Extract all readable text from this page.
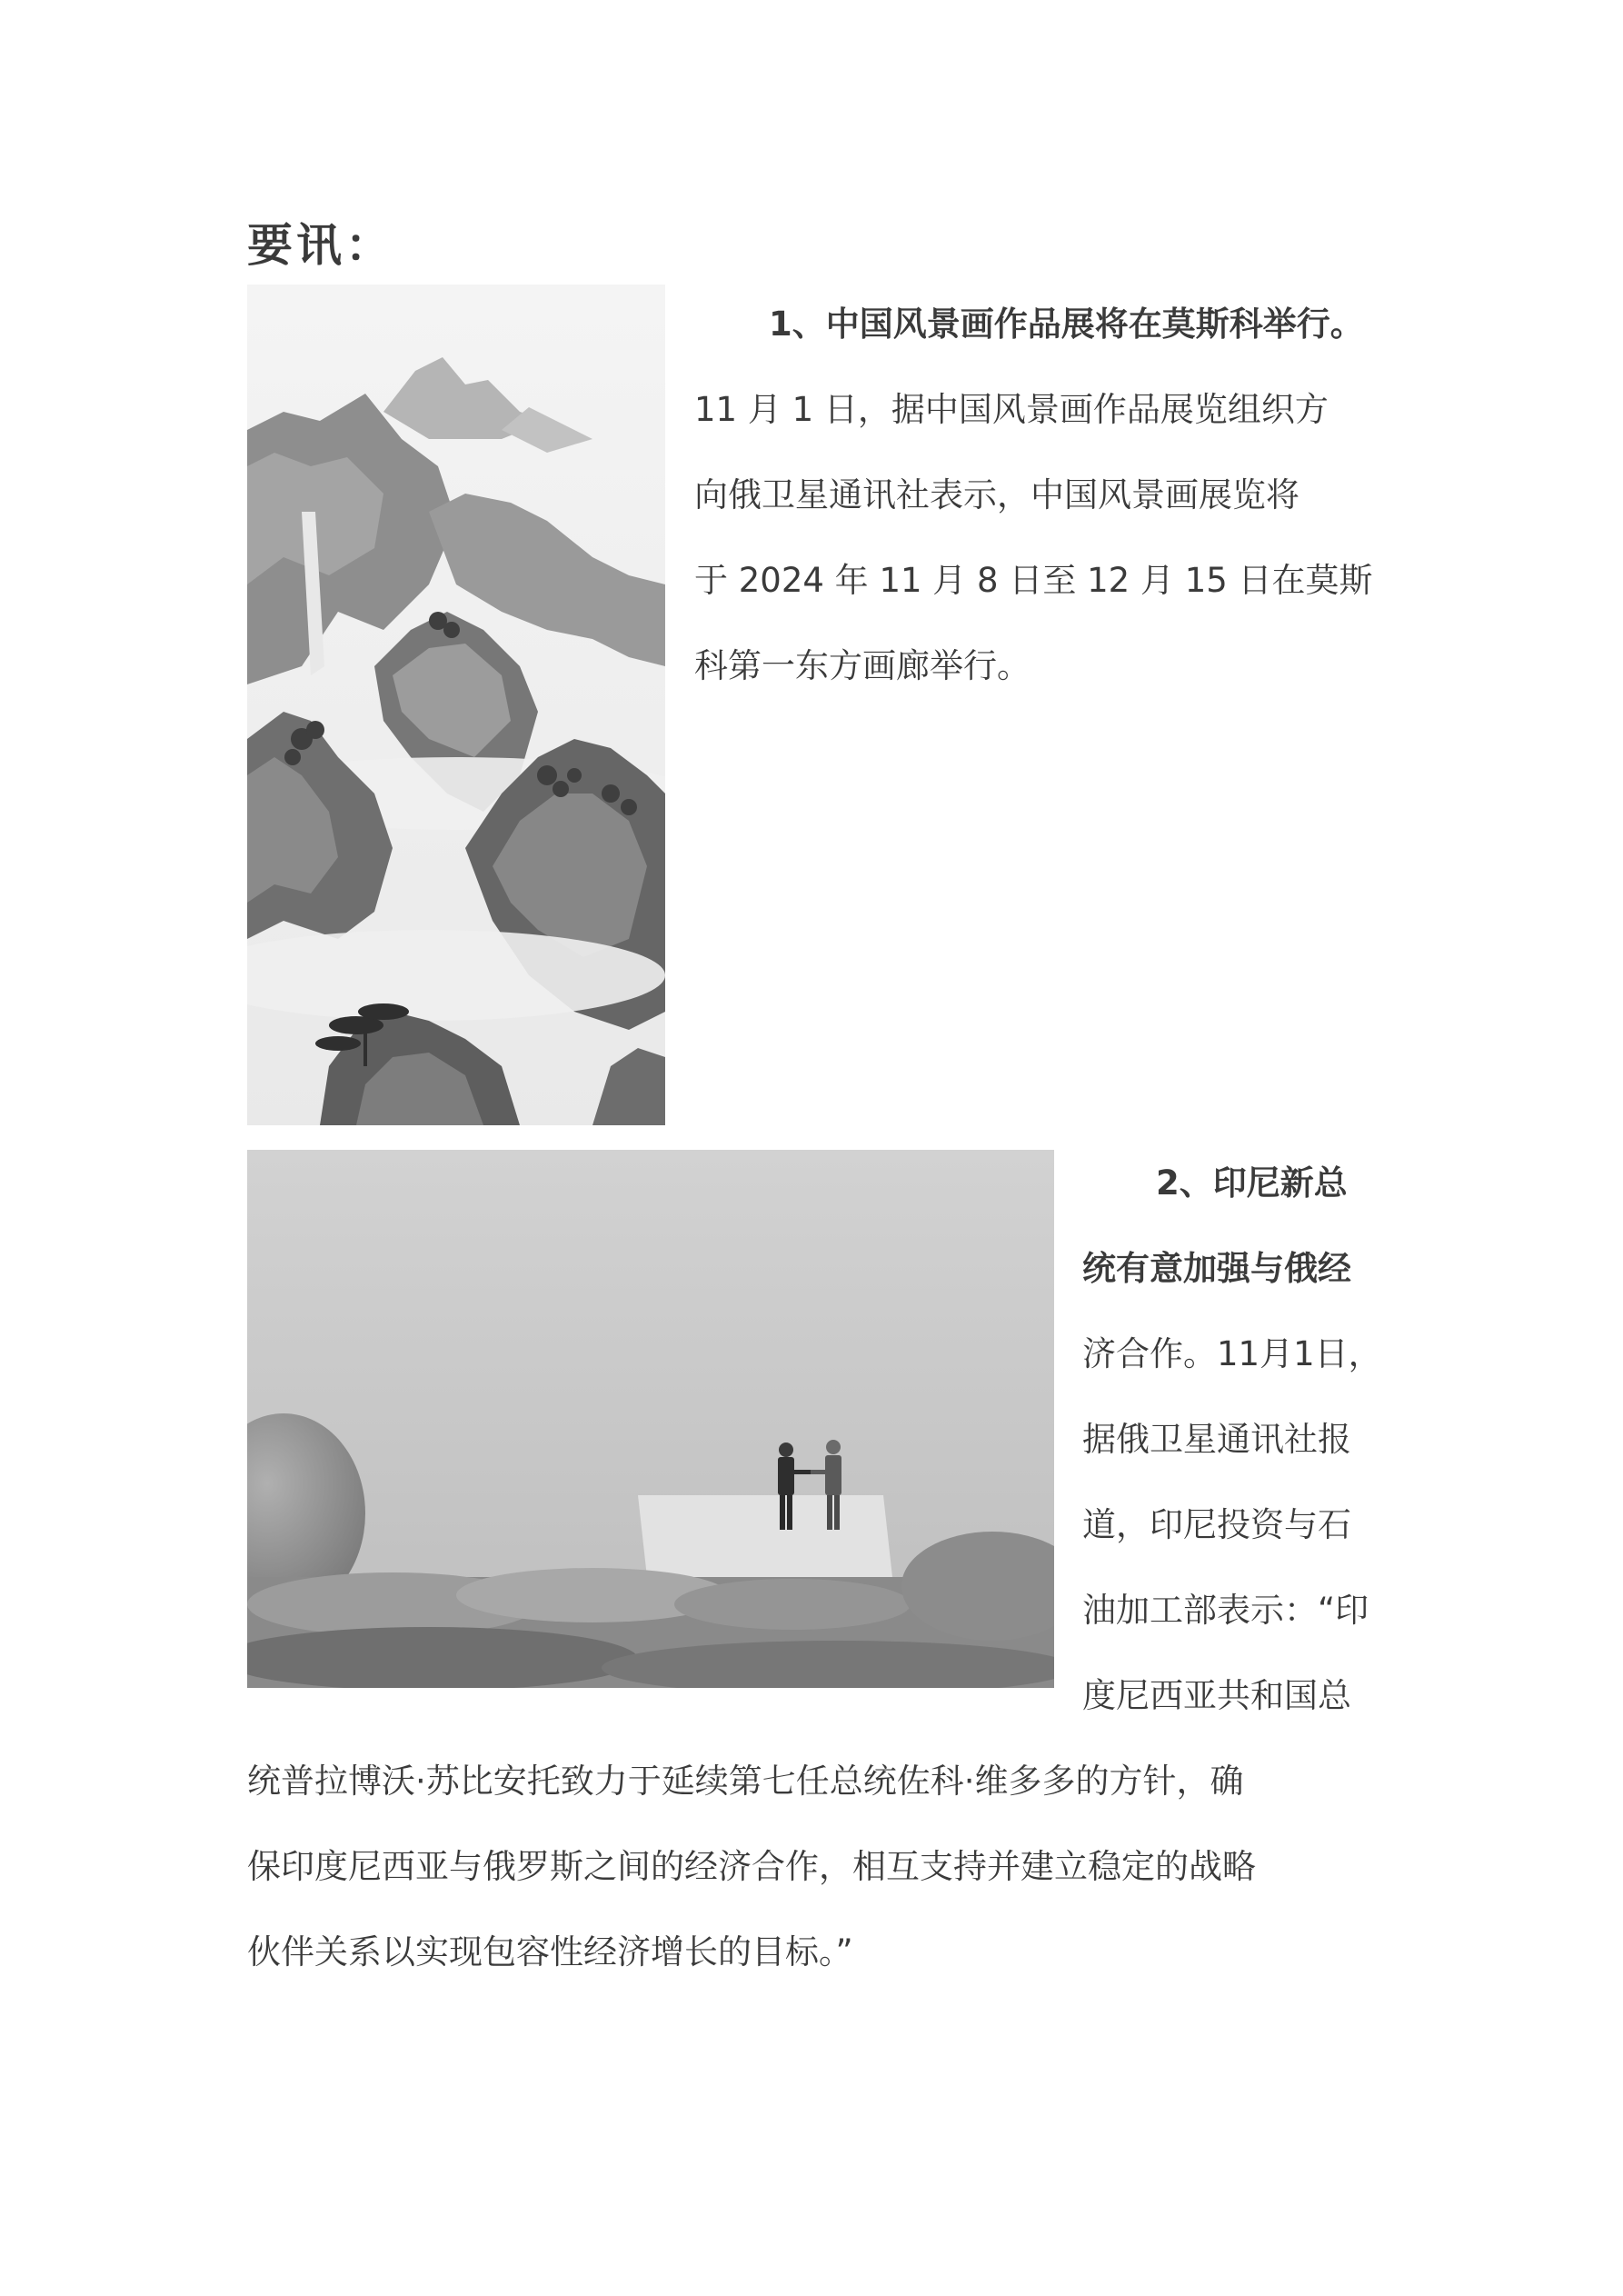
要讯：

1、中国风景画作品展将在莫斯科举行。

11 月 1 日，据中国风景画作品展览组织方

向俄卫星通讯社表示，中国风景画展览将

于 2024 年 11 月 8 日至 12 月 15 日在莫斯

科第一东方画廊举行。

2、印尼新总

统有意加强与俄经

济合作。11月1日，

据俄卫星通讯社报

道，印尼投资与石

油加工部表示：“印

度尼西亚共和国总

统普拉博沃·苏比安托致力于延续第七任总统佐科·维多多的方针，确

保印度尼西亚与俄罗斯之间的经济合作，相互支持并建立稳定的战略

伙伴关系以实现包容性经济增长的目标。”
